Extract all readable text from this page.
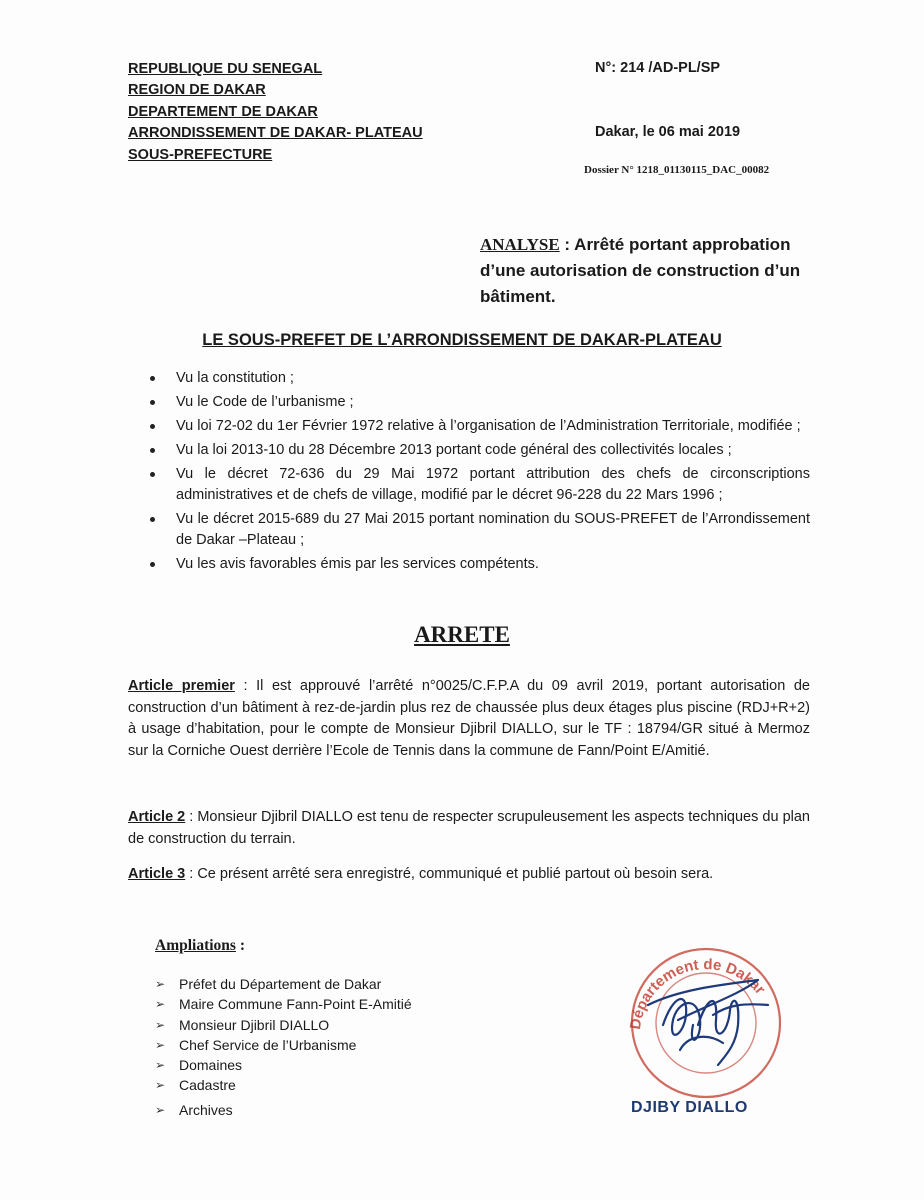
REPUBLIQUE DU SENEGAL
REGION DE DAKAR
DEPARTEMENT DE DAKAR
ARRONDISSEMENT DE DAKAR- PLATEAU
SOUS-PREFECTURE
N°: 214 /AD-PL/SP
Dakar, le 06 mai 2019
Dossier N° 1218_01130115_DAC_00082
ANALYSE : Arrêté portant approbation d’une autorisation de construction d’un bâtiment.
LE SOUS-PREFET DE L’ARRONDISSEMENT DE DAKAR-PLATEAU
Vu la constitution ;
Vu le Code de l’urbanisme ;
Vu loi 72-02 du 1er Février 1972 relative à l’organisation de l’Administration Territoriale, modifiée ;
Vu la loi 2013-10 du 28 Décembre 2013 portant code général des collectivités locales ;
Vu le décret 72-636 du 29 Mai 1972 portant attribution des chefs de circonscriptions administratives et de chefs de village, modifié par le décret 96-228 du 22 Mars 1996 ;
Vu le décret 2015-689 du 27 Mai 2015 portant nomination du SOUS-PREFET de l’Arrondissement de Dakar –Plateau ;
Vu les avis favorables émis par les services compétents.
ARRETE
Article premier : Il est approuvé l’arrêté n°0025/C.F.P.A du 09 avril 2019, portant autorisation de construction d’un bâtiment à rez-de-jardin plus rez de chaussée plus deux étages plus piscine (RDJ+R+2) à usage d’habitation, pour le compte de Monsieur Djibril DIALLO, sur le TF : 18794/GR situé à Mermoz sur la Corniche Ouest derrière l’Ecole de Tennis dans la commune de Fann/Point E/Amitié.
Article 2 : Monsieur Djibril DIALLO est tenu de respecter scrupuleusement les aspects techniques du plan de construction du terrain.
Article 3 : Ce présent arrêté sera enregistré, communiqué et publié partout où besoin sera.
Ampliations :
➢ Préfet du Département de Dakar
➢ Maire Commune Fann-Point E-Amitié
➢ Monsieur Djibril DIALLO
➢ Chef Service de l’Urbanisme
➢ Domaines
➢ Cadastre
➢ Archives
Département de Dakar
DJIBY DIALLO
